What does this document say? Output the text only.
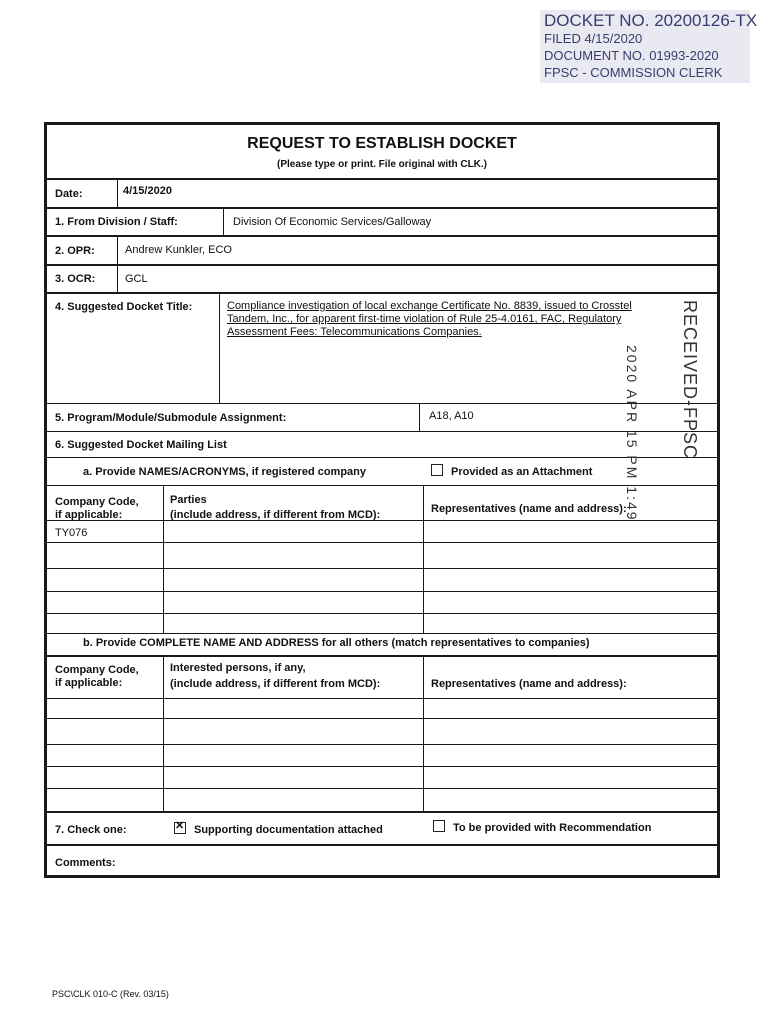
DOCKET NO. 20200126-TX
FILED 4/15/2020
DOCUMENT NO. 01993-2020
FPSC - COMMISSION CLERK
REQUEST TO ESTABLISH DOCKET
(Please type or print. File original with CLK.)
Date:	4/15/2020
1. From Division / Staff:	Division Of Economic Services/Galloway
2. OPR:	Andrew Kunkler, ECO
3. OCR:	GCL
4. Suggested Docket Title:	Compliance investigation of local exchange Certificate No. 8839, issued to Crosstel
Tandem, Inc., for apparent first-time violation of Rule 25-4.0161, FAC, Regulatory
Assessment Fees: Telecommunications Companies.
5. Program/Module/Submodule Assignment:	A18, A10
6. Suggested Docket Mailing List
a. Provide NAMES/ACRONYMS, if registered company	Provided as an Attachment
Company Code,
if applicable:
Parties
(include address, if different from MCD):	Representatives (name and address):
TY076
b. Provide COMPLETE NAME AND ADDRESS for all others (match representatives to companies)
Company Code,
if applicable:
Interested persons, if any,
(include address, if different from MCD):	Representatives (name and address):
7. Check one:
✕	Supporting documentation attached	To be provided with Recommendation
Comments:
2020 APR 15 PM 1:49 RECEIVED-FPSC
PSC\CLK 010-C (Rev. 03/15)
